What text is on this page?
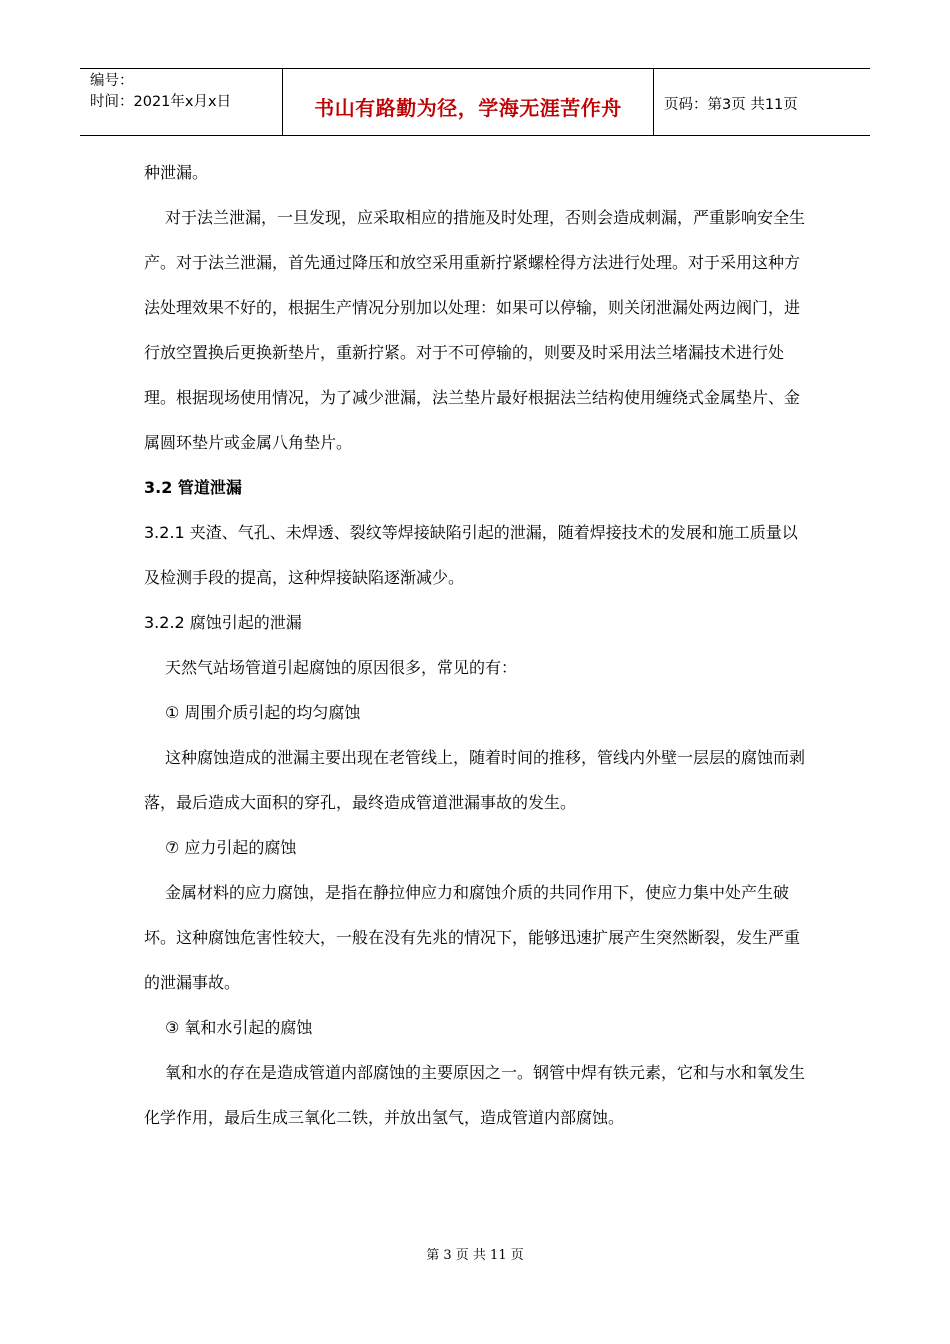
编号：
时间：2021年x月x日	书山有路勤为径，学海无涯苦作舟	页码：第3页 共11页

种泄漏。

对于法兰泄漏，一旦发现，应采取相应的措施及时处理，否则会造成刺漏，严重影响安全生产。对于法兰泄漏，首先通过降压和放空采用重新拧紧螺栓得方法进行处理。对于采用这种方法处理效果不好的，根据生产情况分别加以处理：如果可以停输，则关闭泄漏处两边阀门，进行放空置换后更换新垫片，重新拧紧。对于不可停输的，则要及时采用法兰堵漏技术进行处理。根据现场使用情况，为了减少泄漏，法兰垫片最好根据法兰结构使用缠绕式金属垫片、金属圆环垫片或金属八角垫片。

3.2 管道泄漏

3.2.1 夹渣、气孔、未焊透、裂纹等焊接缺陷引起的泄漏，随着焊接技术的发展和施工质量以及检测手段的提高，这种焊接缺陷逐渐减少。

3.2.2 腐蚀引起的泄漏

天然气站场管道引起腐蚀的原因很多，常见的有：

① 周围介质引起的均匀腐蚀

这种腐蚀造成的泄漏主要出现在老管线上，随着时间的推移，管线内外壁一层层的腐蚀而剥落，最后造成大面积的穿孔，最终造成管道泄漏事故的发生。

⑦ 应力引起的腐蚀

金属材料的应力腐蚀，是指在静拉伸应力和腐蚀介质的共同作用下，使应力集中处产生破坏。这种腐蚀危害性较大，一般在没有先兆的情况下，能够迅速扩展产生突然断裂，发生严重的泄漏事故。

③ 氧和水引起的腐蚀

氧和水的存在是造成管道内部腐蚀的主要原因之一。钢管中焊有铁元素，它和与水和氧发生化学作用，最后生成三氧化二铁，并放出氢气，造成管道内部腐蚀。

第 3 页 共 11 页
